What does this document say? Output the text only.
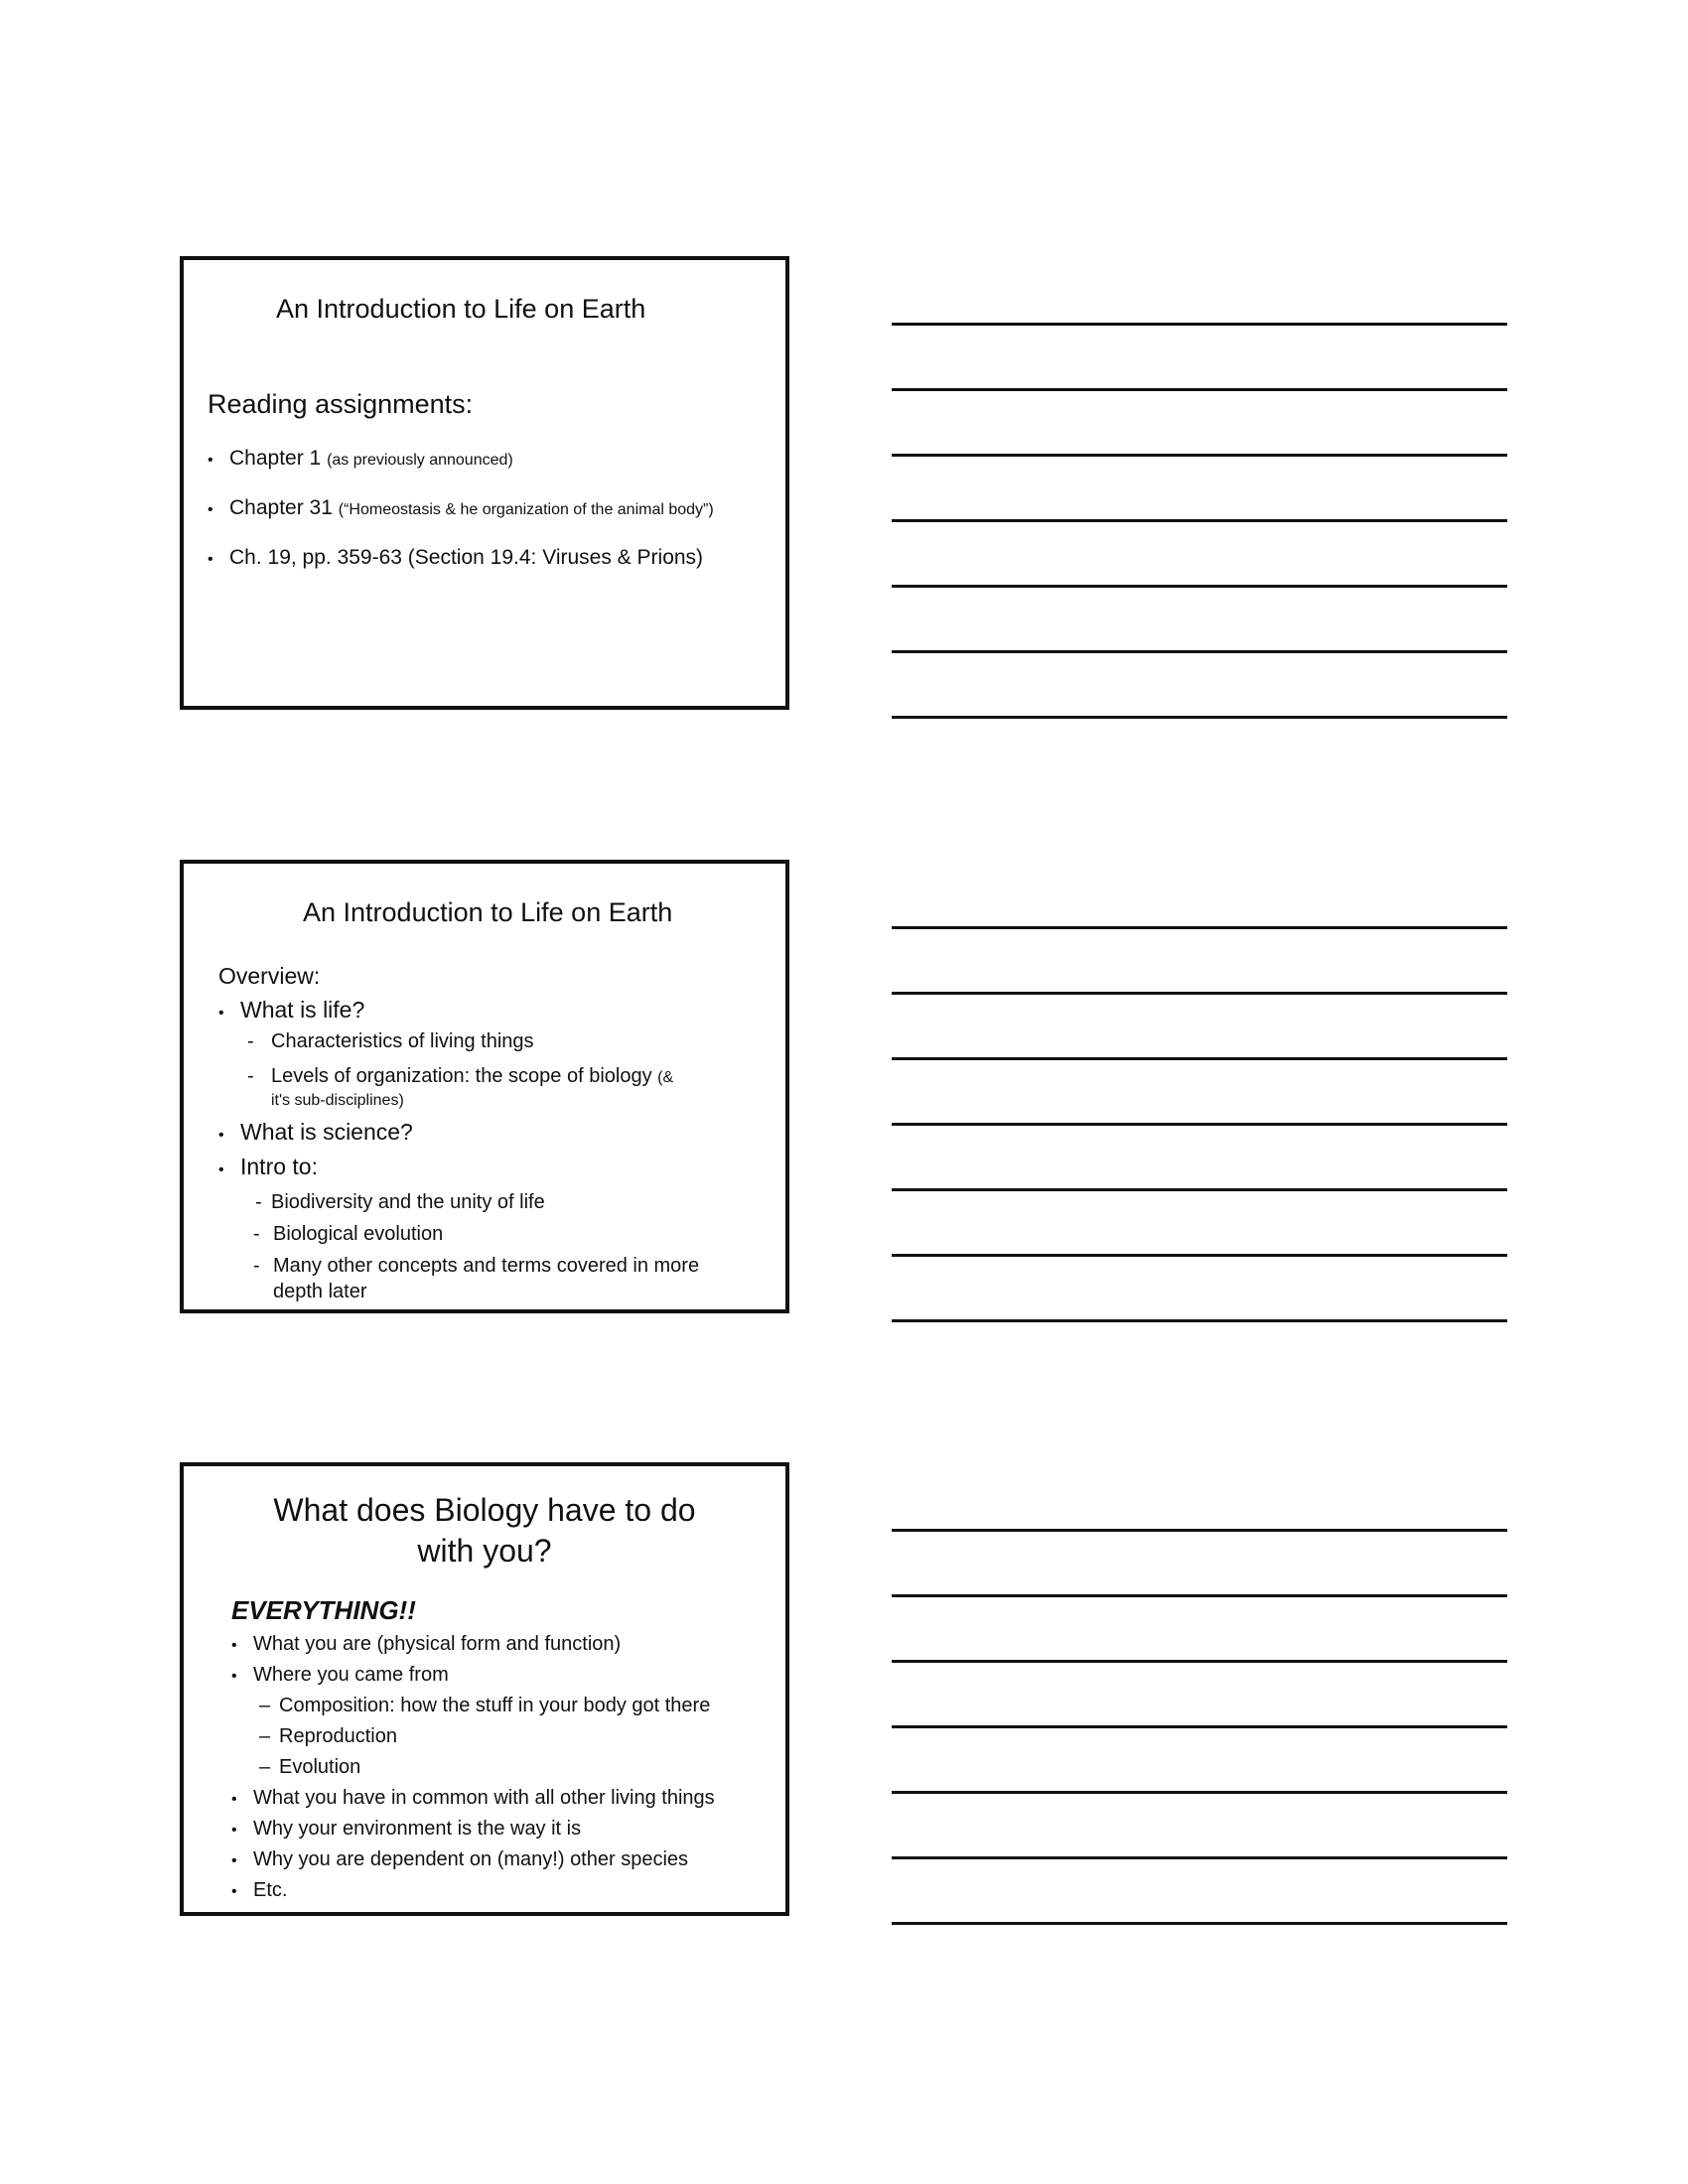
An Introduction to Life on Earth
Reading assignments:
• Chapter 1 (as previously announced)
• Chapter 31 (“Homeostasis & he organization of the animal body”)
• Ch. 19, pp. 359-63 (Section 19.4: Viruses & Prions)
An Introduction to Life on Earth
Overview:
• What is life?
- Characteristics of living things
- Levels of organization: the scope of biology (&
it's sub-disciplines)
• What is science?
• Intro to:
- Biodiversity and the unity of life
- Biological evolution
- Many other concepts and terms covered in more
depth later
What does Biology have to do
with you?
EVERYTHING!!
• What you are (physical form and function)
• Where you came from
– Composition: how the stuff in your body got there
– Reproduction
– Evolution
• What you have in common with all other living things
• Why your environment is the way it is
• Why you are dependent on (many!) other species
• Etc.
